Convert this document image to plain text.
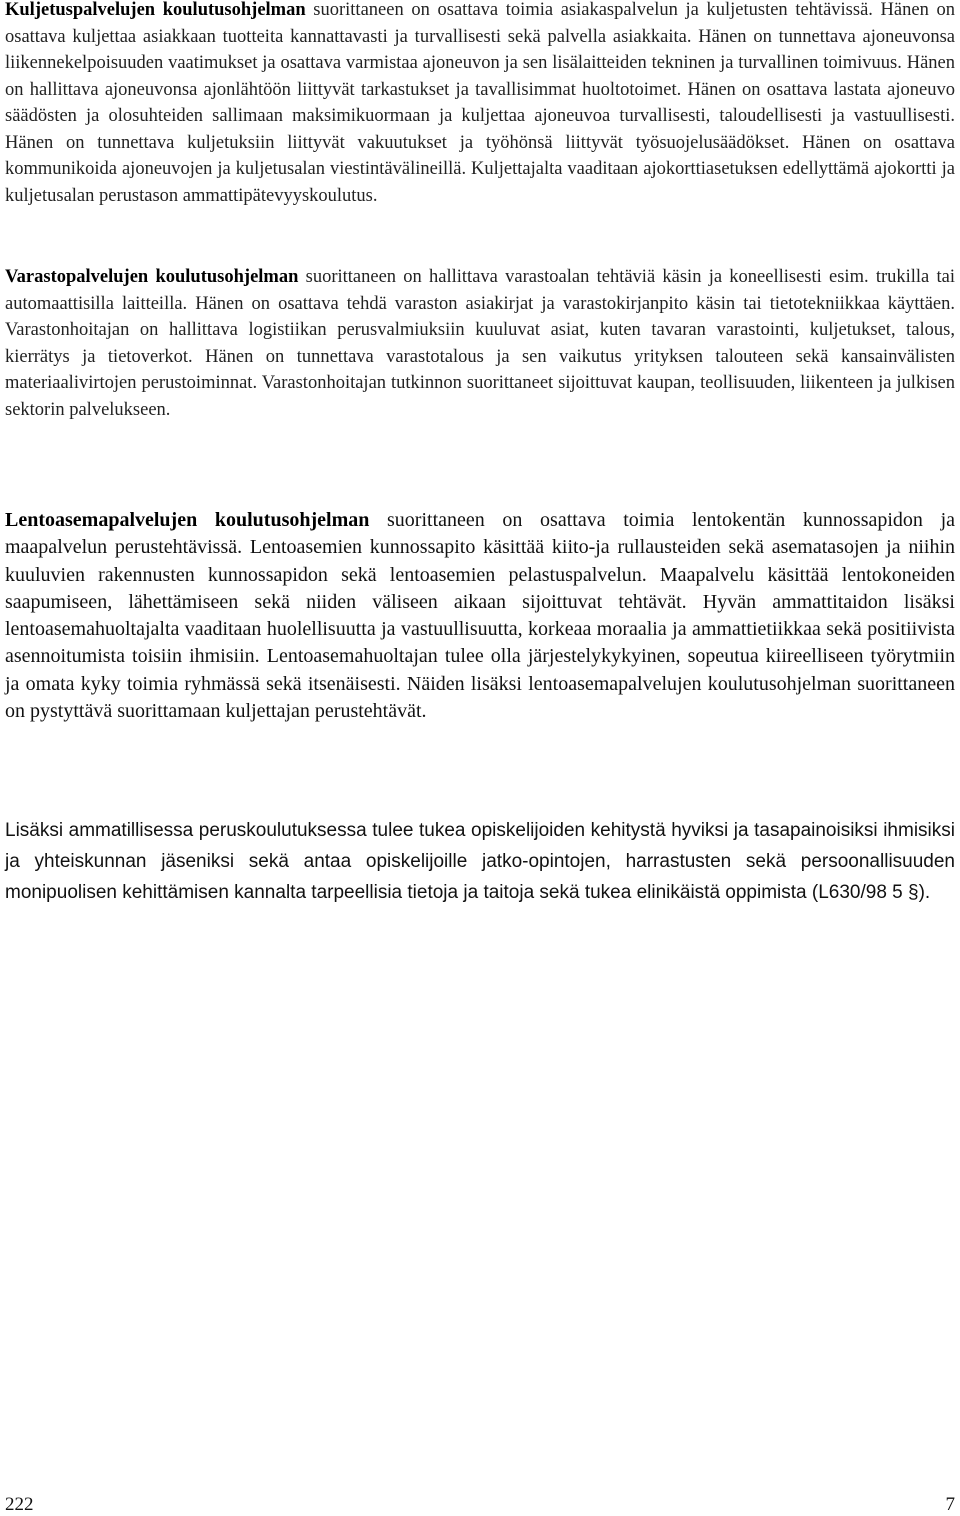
Kuljetuspalvelujen koulutusohjelman suorittaneen on osattava toimia asiakaspalvelun ja kuljetusten tehtävissä. Hänen on osattava kuljettaa asiakkaan tuotteita kannattavasti ja turvallisesti sekä palvella asiakkaita. Hänen on tunnettava ajoneuvonsa liikennekelpoisuuden vaatimukset ja osattava varmistaa ajoneuvon ja sen lisälaitteiden tekninen ja turvallinen toimivuus. Hänen on hallittava ajoneuvonsa ajonlähtöön liittyvät tarkastukset ja tavallisimmat huoltotoimet. Hänen on osattava lastata ajoneuvo säädösten ja olosuhteiden sallimaan maksimikuormaan ja kuljettaa ajoneuvoa turvallisesti, taloudellisesti ja vastuullisesti. Hänen on tunnettava kuljetuksiin liittyvät vakuutukset ja työhönsä liittyvät työsuojelusäädökset. Hänen on osattava kommunikoida ajoneuvojen ja kuljetusalan viestintävälineillä. Kuljettajalta vaaditaan ajokorttiasetuksen edellyttämä ajokortti ja kuljetusalan perustason ammattipätevyyskoulutus.

Varastopalvelujen koulutusohjelman suorittaneen on hallittava varastoalan tehtäviä käsin ja koneellisesti esim. trukilla tai automaattisilla laitteilla. Hänen on osattava tehdä varaston asiakirjat ja varastokirjanpito käsin tai tietotekniikkaa käyttäen. Varastonhoitajan on hallittava logistiikan perusvalmiuksiin kuuluvat asiat, kuten tavaran varastointi, kuljetukset, talous, kierrätys ja tietoverkot. Hänen on tunnettava varastotalous ja sen vaikutus yrityksen talouteen sekä kansainvälisten materiaalivirtojen perustoiminnat. Varastonhoitajan tutkinnon suorittaneet sijoittuvat kaupan, teollisuuden, liikenteen ja julkisen sektorin palvelukseen.

Lentoasemapalvelujen koulutusohjelman suorittaneen on osattava toimia lentokentän kunnossapidon ja maapalvelun perustehtävissä. Lentoasemien kunnossapito käsittää kiito-ja rullausteiden sekä asematasojen ja niihin kuuluvien rakennusten kunnossapidon sekä lentoasemien pelastuspalvelun. Maapalvelu käsittää lentokoneiden saapumiseen, lähettämiseen sekä niiden väliseen aikaan sijoittuvat tehtävät. Hyvän ammattitaidon lisäksi lentoasemahuoltajalta vaaditaan huolellisuutta ja vastuullisuutta, korkeaa moraalia ja ammattietiikkaa sekä positiivista asennoitumista toisiin ihmisiin. Lentoasemahuoltajan tulee olla järjestelykykyinen, sopeutua kiireelliseen työrytmiin ja omata kyky toimia ryhmässä sekä itsenäisesti. Näiden lisäksi lentoasemapalvelujen koulutusohjelman suorittaneen on pystyttävä suorittamaan kuljettajan perustehtävät.

Lisäksi ammatillisessa peruskoulutuksessa tulee tukea opiskelijoiden kehitystä hyviksi ja tasapainoisiksi ihmisiksi ja yhteiskunnan jäseniksi sekä antaa opiskelijoille jatko-opintojen, harrastusten sekä persoonallisuuden monipuolisen kehittämisen kannalta tarpeellisia tietoja ja taitoja sekä tukea elinikäistä oppimista (L630/98 5 §).

222	7
